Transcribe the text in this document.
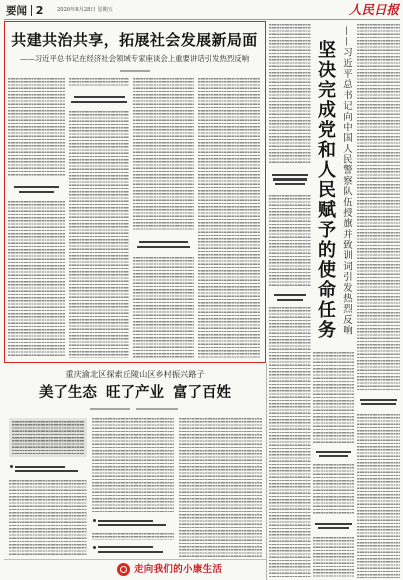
要闻 2	2020年8月28日 星期五	人民日报
共建共治共享，拓展社会发展新局面
——习近平总书记在经济社会领域专家座谈会上重要讲话引发热烈反响	坚决完成党和人民赋予的使命任务 ——习近平总书记向中国人民警察队伍授旗并致训词引发热烈反响
重庆渝北区探索丘陵山区乡村振兴路子
美了生态 旺了产业 富了百姓
走向我们的小康生活
